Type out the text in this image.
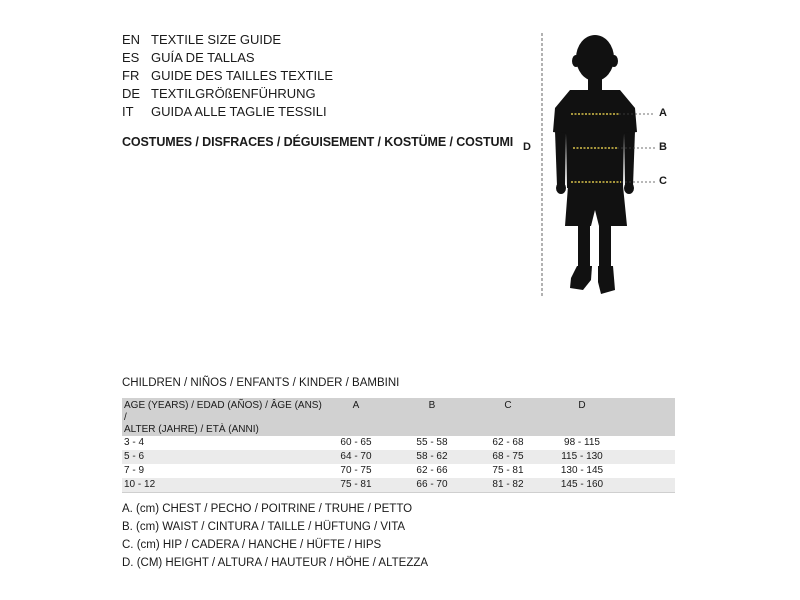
EN TEXTILE SIZE GUIDE
ES GUÍA DE TALLAS
FR GUIDE DES TAILLES TEXTILE
DE TEXTILGRÖßENFÜHRUNG
IT	GUIDA ALLE TAGLIE TESSILI
COSTUMES / DISFRACES / DÉGUISEMENT / KOSTÜME / COSTUMI
A
B
C
D
CHILDREN / NIÑOS / ENFANTS / KINDER / BAMBINI
AGE (YEARS) / EDAD (AÑOS) / ÂGE (ANS) /
ALTER (JAHRE) / ETÀ (ANNI)	A	B	C	D	
3 - 4	60 - 65	55 - 58	62 - 68	98 - 115	
5 - 6	64 - 70	58 - 62	68 - 75	115 - 130	
7 - 9	70 - 75	62 - 66	75 - 81	130 - 145	
10 - 12	75 - 81	66 - 70	81 - 82	145 - 160	
A. (cm) CHEST / PECHO / POITRINE / TRUHE / PETTO
B. (cm) WAIST / CINTURA / TAILLE / HÜFTUNG / VITA
C. (cm) HIP / CADERA / HANCHE / HÜFTE / HIPS
D. (CM) HEIGHT / ALTURA / HAUTEUR / HÖHE / ALTEZZA
